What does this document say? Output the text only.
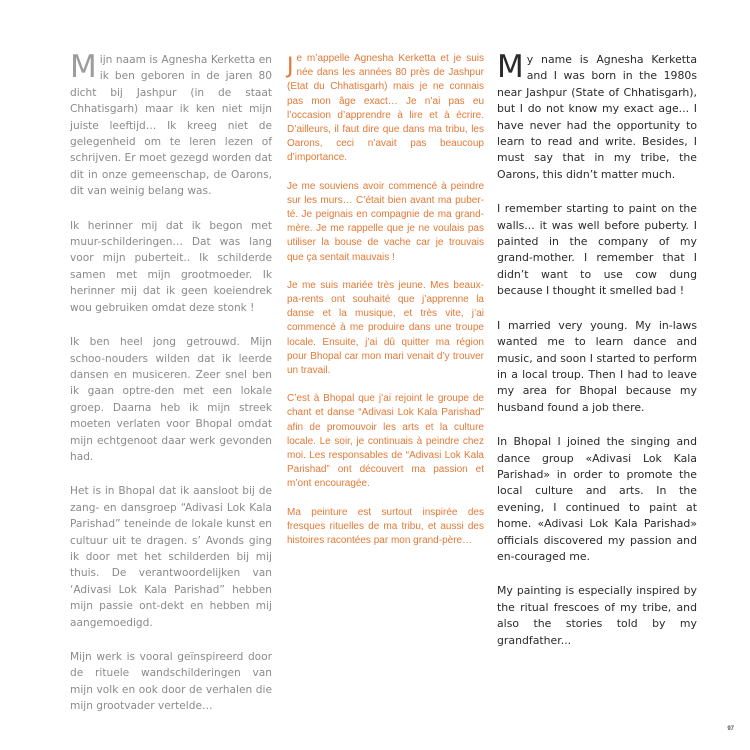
Mijn naam is Agnesha Kerketta en ik ben geboren in de jaren 80 dicht bij Jashpur (in de staat Chhatisgarh) maar ik ken niet mijn juiste leeftijd… Ik kreeg niet de gelegenheid om te leren lezen of schrijven. Er moet gezegd worden dat dit in onze gemeenschap, de Oarons, dit van weinig belang was.

Ik herinner mij dat ik begon met muur-schilderingen… Dat was lang voor mijn puberteit.. Ik schilderde samen met mijn grootmoeder. Ik herinner mij dat ik geen koeiendrek wou gebruiken omdat deze stonk !

Ik ben heel jong getrouwd. Mijn schoo-nouders wilden dat ik leerde dansen en musiceren. Zeer snel ben ik gaan optre-den met een lokale groep. Daarna heb ik mijn streek moeten verlaten voor Bhopal omdat mijn echtgenoot daar werk gevonden had.

Het is in Bhopal dat ik aansloot bij de zang- en dansgroep “Adivasi Lok Kala Parishad” teneinde de lokale kunst en cultuur uit te dragen. s’ Avonds ging ik door met het schilderden bij mij thuis. De verantwoordelijken van ‘Adivasi Lok Kala Parishad” hebben mijn passie ont-dekt en hebben mij aangemoedigd.

Mijn werk is vooral geïnspireerd door de rituele wandschilderingen van mijn volk en ook door de verhalen die mijn grootvader vertelde…

Je m’appelle Agnesha Kerketta et je suis née dans les années 80 près de Jashpur (Etat du Chhatisgarh) mais je ne connais pas mon âge exact… Je n’ai pas eu l’occasion d’apprendre à lire et à écrire. D’ailleurs, il faut dire que dans ma tribu, les Oarons, ceci n’avait pas beaucoup d’importance.

Je me souviens avoir commencé à peindre sur les murs… C’était bien avant ma puber-té. Je peignais en compagnie de ma grand-mère. Je me rappelle que je ne voulais pas utiliser la bouse de vache car je trouvais que ça sentait mauvais !

Je me suis mariée très jeune. Mes beaux-pa-rents ont souhaité que j’apprenne la danse et la musique, et très vite, j’ai commencé à me produire dans une troupe locale. Ensuite, j’ai dû quitter ma région pour Bhopal car mon mari venait d’y trouver un travail.

C’est à Bhopal que j’ai rejoint le groupe de chant et danse “Adivasi Lok Kala Parishad” afin de promouvoir les arts et la culture locale. Le soir, je continuais à peindre chez moi. Les responsables de “Adivasi Lok Kala Parishad” ont découvert ma passion et m’ont encouragée.

Ma peinture est surtout inspirée des fresques rituelles de ma tribu, et aussi des histoires racontées par mon grand-père…

My name is Agnesha Kerketta and I was born in the 1980s near Jashpur (State of Chhatisgarh), but I do not know my exact age... I have never had the opportunity to learn to read and write. Besides, I must say that in my tribe, the Oarons, this didn’t matter much.

I remember starting to paint on the walls... it was well before puberty. I painted in the company of my grand-mother. I remember that I didn’t want to use cow dung because I thought it smelled bad !

I married very young. My in-laws wanted me to learn dance and music, and soon I started to perform in a local troup. Then I had to leave my area for Bhopal because my husband found a job there.

In Bhopal I joined the singing and dance group «Adivasi Lok Kala Parishad» in order to promote the local culture and arts. In the evening, I continued to paint at home. «Adivasi Lok Kala Parishad» officials discovered my passion and en-couraged me.

My painting is especially inspired by the ritual frescoes of my tribe, and also the stories told by my grandfather...

97
